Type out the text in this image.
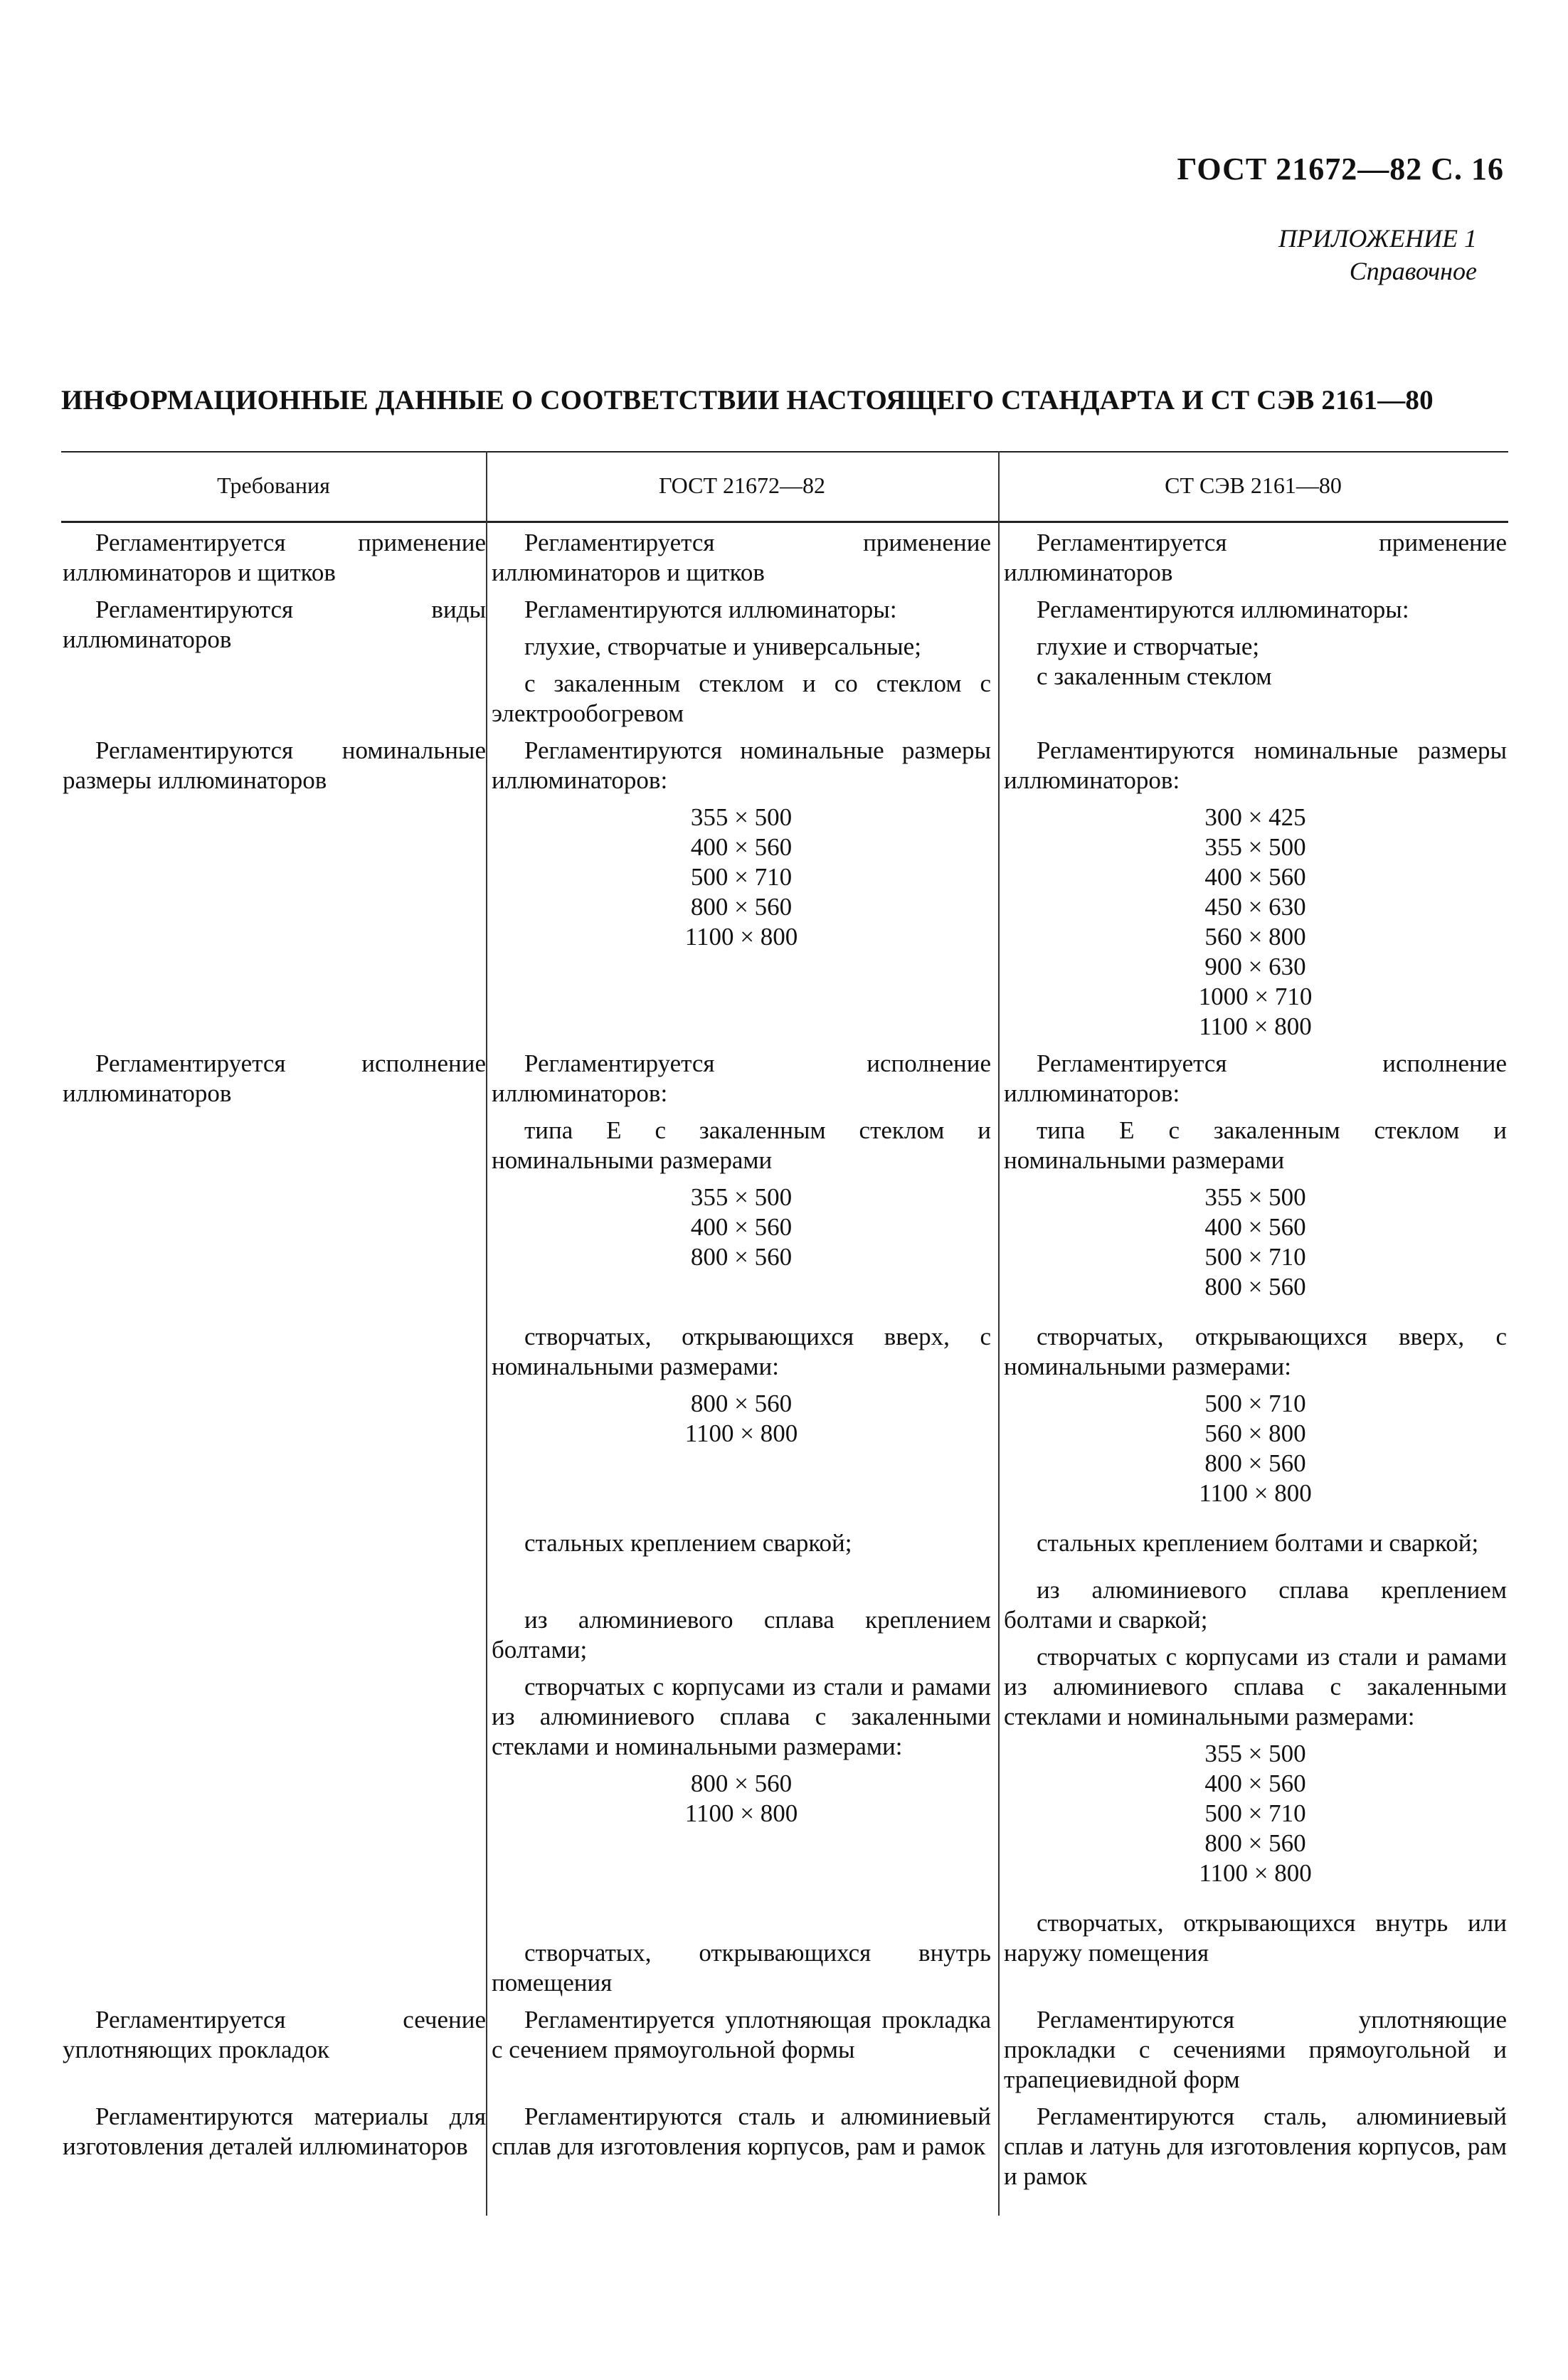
ГОСТ 21672—82 С. 16
ПРИЛОЖЕНИЕ 1
Справочное
ИНФОРМАЦИОННЫЕ ДАННЫЕ О СООТВЕТСТВИИ НАСТОЯЩЕГО СТАНДАРТА И СТ СЭВ 2161—80
Требования	ГОСТ 21672—82	СТ СЭВ 2161—80

Регламентируется применение иллюминаторов и щитков

Регламентируется применение иллюминаторов и щитков

Регламентируется применение иллюминаторов

Регламентируются виды иллюминаторов

Регламентируются иллюминаторы:

глухие, створчатые и универсальные;

с закаленным стеклом и со стеклом с электрообогревом

Регламентируются иллюминаторы:

глухие и створчатые;

с закаленным стеклом

Регламентируются номинальные размеры иллюминаторов

Регламентируются номинальные размеры иллюминаторов:

355 × 500
400 × 560
500 × 710
800 × 560
1100 × 800

Регламентируются номинальные размеры иллюминаторов:

300 × 425
355 × 500
400 × 560
450 × 630
560 × 800
900 × 630
1000 × 710
1100 × 800

Регламентируется исполнение иллюминаторов

Регламентируется исполнение иллюминаторов:

типа Е с закаленным стеклом и номинальными размерами

355 × 500
400 × 560
800 × 560

створчатых, открывающихся вверх, с номинальными размерами:

800 × 560
1100 × 800

стальных креплением сваркой;

из алюминиевого сплава креплением болтами;

створчатых с корпусами из стали и рамами из алюминиевого сплава с закаленными стеклами и номинальными размерами:

800 × 560
1100 × 800

створчатых, открывающихся внутрь помещения

Регламентируется исполнение иллюминаторов:

типа Е с закаленным стеклом и номинальными размерами

355 × 500
400 × 560
500 × 710
800 × 560

створчатых, открывающихся вверх, с номинальными размерами:

500 × 710
560 × 800
800 × 560
1100 × 800

стальных креплением болтами и сваркой;

из алюминиевого сплава креплением болтами и сваркой;

створчатых с корпусами из стали и рамами из алюминиевого сплава с закаленными стеклами и номинальными размерами:

355 × 500
400 × 560
500 × 710
800 × 560
1100 × 800

створчатых, открывающихся внутрь или наружу помещения

Регламентируется сечение уплотняющих прокладок

Регламентируется уплотняющая прокладка с сечением прямоугольной формы

Регламентируются уплотняющие прокладки с сечениями прямоугольной и трапециевидной форм

Регламентируются материалы для изготовления деталей иллюминаторов

Регламентируются сталь и алюминиевый сплав для изготовления корпусов, рам и рамок

Регламентируются сталь, алюминиевый сплав и латунь для изготовления корпусов, рам и рамок
